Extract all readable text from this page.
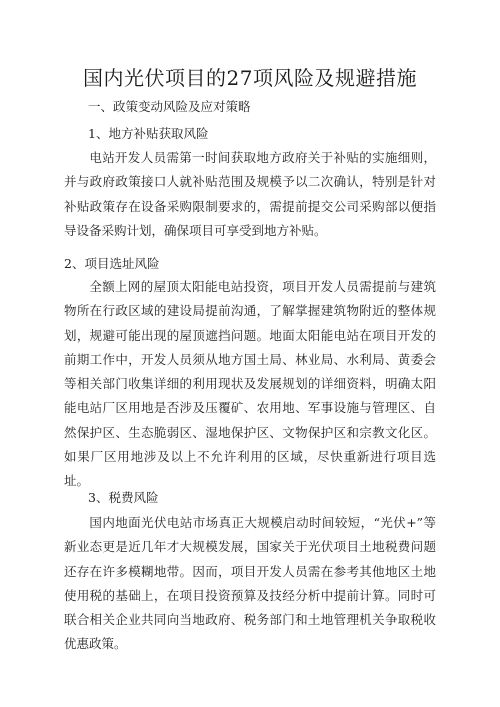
国内光伏项目的27项风险及规避措施
一、政策变动风险及应对策略
1、地方补贴获取风险

电站开发人员需第一时间获取地方政府关于补贴的实施细则，并与政府政策接口人就补贴范围及规模予以二次确认，特别是针对补贴政策存在设备采购限制要求的，需提前提交公司采购部以便指导设备采购计划，确保项目可享受到地方补贴。

2、项目选址风险

全额上网的屋顶太阳能电站投资，项目开发人员需提前与建筑物所在行政区域的建设局提前沟通，了解掌握建筑物附近的整体规划，规避可能出现的屋顶遮挡问题。地面太阳能电站在项目开发的前期工作中，开发人员须从地方国土局、林业局、水利局、黄委会等相关部门收集详细的利用现状及发展规划的详细资料，明确太阳能电站厂区用地是否涉及压覆矿、农用地、军事设施与管理区、自然保护区、生态脆弱区、湿地保护区、文物保护区和宗教文化区。如果厂区用地涉及以上不允许利用的区域，尽快重新进行项目选址。

3、税费风险

国内地面光伏电站市场真正大规模启动时间较短，“光伏+”等新业态更是近几年才大规模发展，国家关于光伏项目土地税费问题还存在许多模糊地带。因而，项目开发人员需在参考其他地区土地使用税的基础上，在项目投资预算及技经分析中提前计算。同时可联合相关企业共同向当地政府、税务部门和土地管理机关争取税收优惠政策。
